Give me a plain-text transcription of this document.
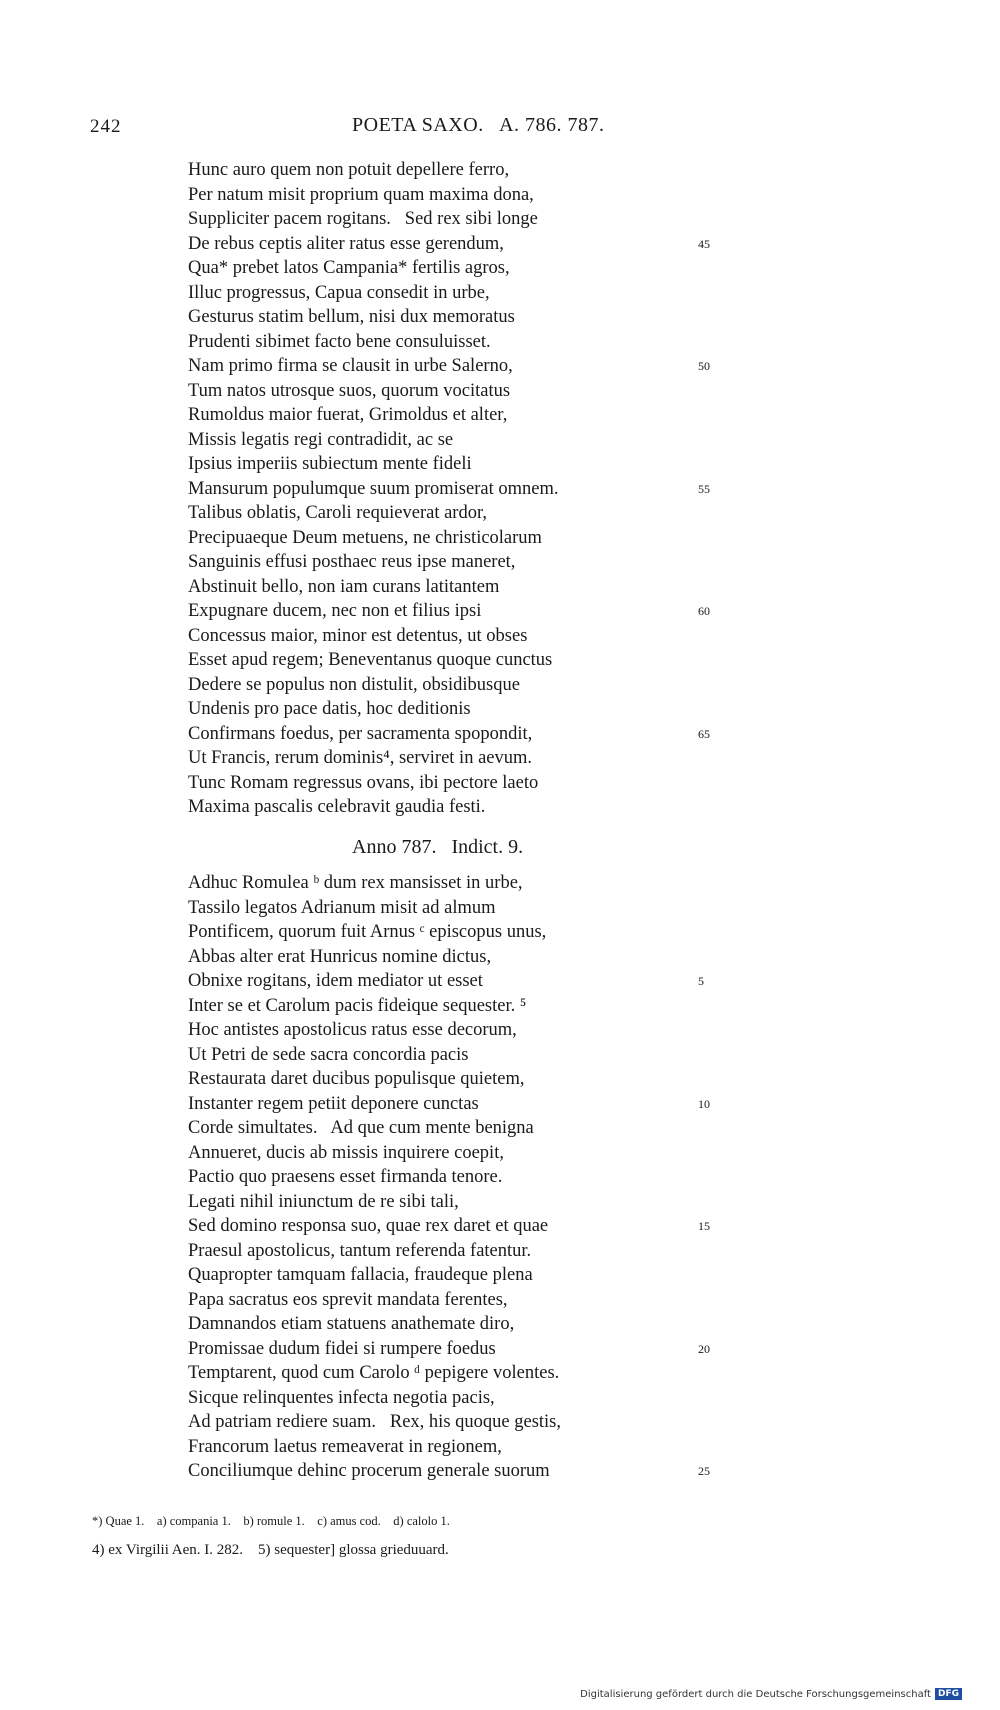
242	POETA SAXO.   A. 786. 787.
Hunc auro quem non potuit depellere ferro,
Per natum misit proprium quam maxima dona,
Suppliciter pacem rogitans.   Sed rex sibi longe
De rebus ceptis aliter ratus esse gerendum,	45
Qua* prebet latos Campania* fertilis agros,
Illuc progressus, Capua consedit in urbe,
Gesturus statim bellum, nisi dux memoratus
Prudenti sibimet facto bene consuluisset.
Nam primo firma se clausit in urbe Salerno,	50
Tum natos utrosque suos, quorum vocitatus
Rumoldus maior fuerat, Grimoldus et alter,
Missis legatis regi contradidit, ac se
Ipsius imperiis subiectum mente fideli
Mansurum populumque suum promiserat omnem.	55
Talibus oblatis, Caroli requieverat ardor,
Precipuaeque Deum metuens, ne christicolarum
Sanguinis effusi posthaec reus ipse maneret,
Abstinuit bello, non iam curans latitantem
Expugnare ducem, nec non et filius ipsi	60
Concessus maior, minor est detentus, ut obses
Esset apud regem; Beneventanus quoque cunctus
Dedere se populus non distulit, obsidibusque
Undenis pro pace datis, hoc deditionis
Confirmans foedus, per sacramenta spopondit,	65
Ut Francis, rerum dominis⁴, serviret in aevum.
Tunc Romam regressus ovans, ibi pectore laeto
Maxima pascalis celebravit gaudia festi.
Anno 787.   Indict. 9.
Adhuc Romulea ᵇ dum rex mansisset in urbe,
Tassilo legatos Adrianum misit ad almum
Pontificem, quorum fuit Arnus ᶜ episcopus unus,
Abbas alter erat Hunricus nomine dictus,
Obnixe rogitans, idem mediator ut esset	5
Inter se et Carolum pacis fideique sequester. ⁵
Hoc antistes apostolicus ratus esse decorum,
Ut Petri de sede sacra concordia pacis
Restaurata daret ducibus populisque quietem,
Instanter regem petiit deponere cunctas	10
Corde simultates.   Ad que cum mente benigna
Annueret, ducis ab missis inquirere coepit,
Pactio quo praesens esset firmanda tenore.
Legati nihil iniunctum de re sibi tali,
Sed domino responsa suo, quae rex daret et quae	15
Praesul apostolicus, tantum referenda fatentur.
Quapropter tamquam fallacia, fraudeque plena
Papa sacratus eos sprevit mandata ferentes,
Damnandos etiam statuens anathemate diro,
Promissae dudum fidei si rumpere foedus	20
Temptarent, quod cum Carolo ᵈ pepigere volentes.
Sicque relinquentes infecta negotia pacis,
Ad patriam rediere suam.   Rex, his quoque gestis,
Francorum laetus remeaverat in regionem,
Conciliumque dehinc procerum generale suorum	25
*) Quae 1.    a) compania 1.    b) romule 1.    c) amus cod.    d) calolo 1.
4) ex Virgilii Aen. I. 282.    5) sequester] glossa grieduuard.
Digitalisierung gefördert durch die Deutsche Forschungsgemeinschaft DFG
